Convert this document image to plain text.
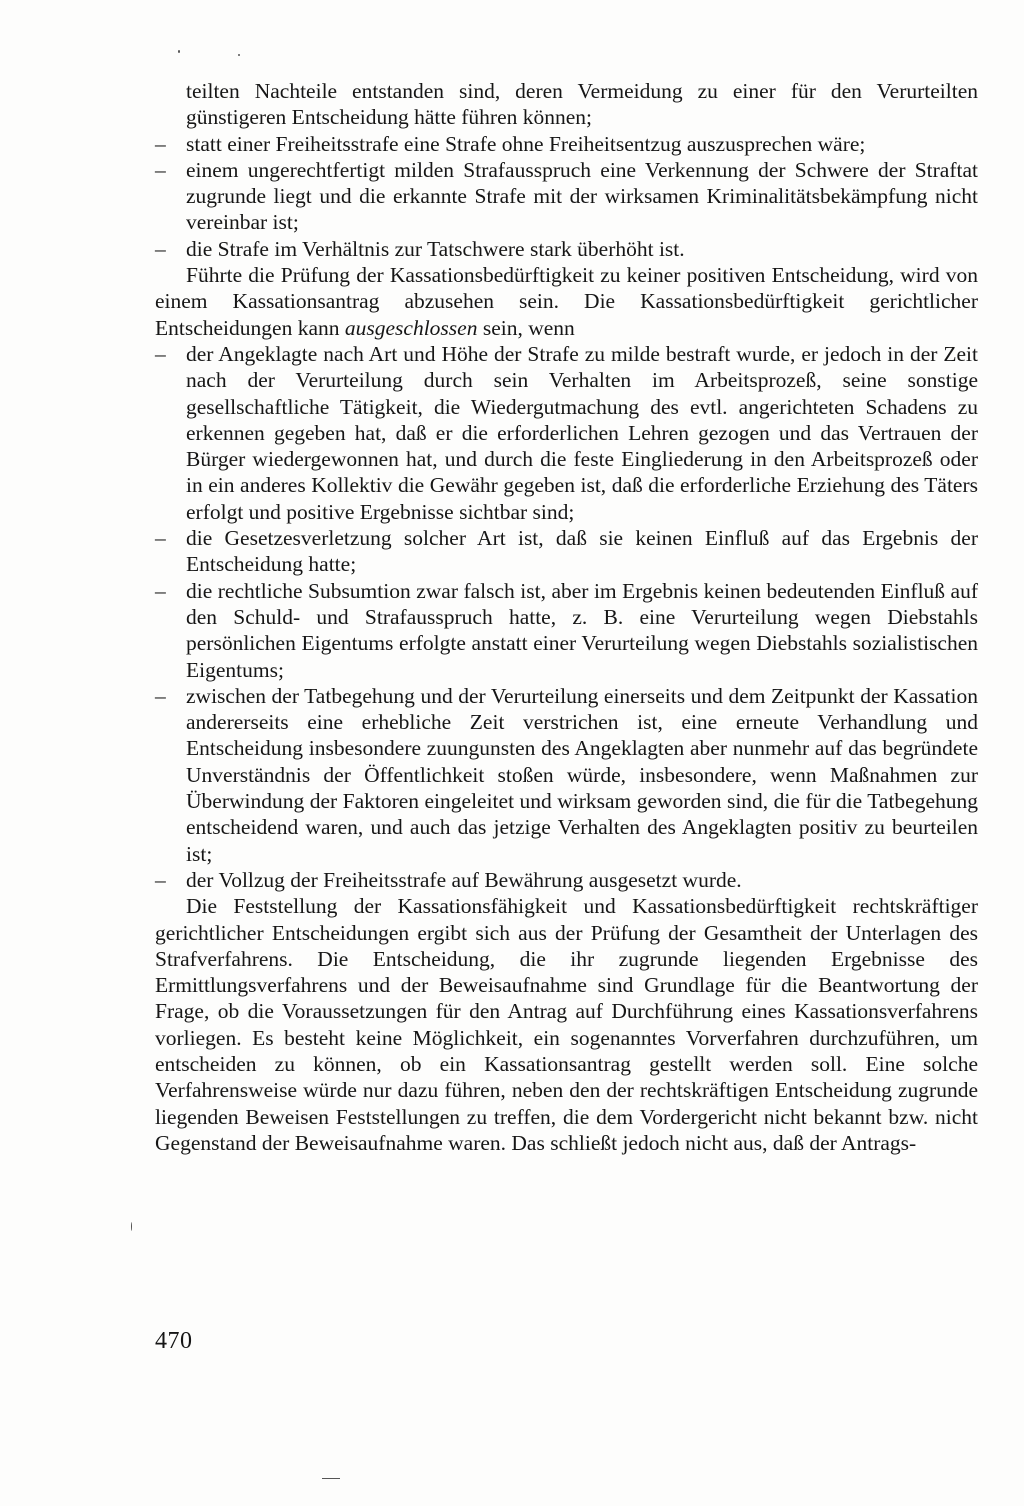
teilten Nachteile entstanden sind, deren Vermeidung zu einer für den Verurteilten günstigeren Entscheidung hätte führen können;

– statt einer Freiheitsstrafe eine Strafe ohne Freiheitsentzug auszusprechen wäre;

– einem ungerechtfertigt milden Strafausspruch eine Verkennung der Schwere der Straftat zugrunde liegt und die erkannte Strafe mit der wirksamen Kriminalitätsbekämpfung nicht vereinbar ist;

– die Strafe im Verhältnis zur Tatschwere stark überhöht ist.

Führte die Prüfung der Kassationsbedürftigkeit zu keiner positiven Entscheidung, wird von einem Kassationsantrag abzusehen sein. Die Kassationsbedürftigkeit gerichtlicher Entscheidungen kann ausgeschlossen sein, wenn

– der Angeklagte nach Art und Höhe der Strafe zu milde bestraft wurde, er jedoch in der Zeit nach der Verurteilung durch sein Verhalten im Arbeitsprozeß, seine sonstige gesellschaftliche Tätigkeit, die Wiedergutmachung des evtl. angerichteten Schadens zu erkennen gegeben hat, daß er die erforderlichen Lehren gezogen und das Vertrauen der Bürger wiedergewonnen hat, und durch die feste Eingliederung in den Arbeitsprozeß oder in ein anderes Kollektiv die Gewähr gegeben ist, daß die erforderliche Erziehung des Täters erfolgt und positive Ergebnisse sichtbar sind;

– die Gesetzesverletzung solcher Art ist, daß sie keinen Einfluß auf das Ergebnis der Entscheidung hatte;

– die rechtliche Subsumtion zwar falsch ist, aber im Ergebnis keinen bedeutenden Einfluß auf den Schuld- und Strafausspruch hatte, z. B. eine Verurteilung wegen Diebstahls persönlichen Eigentums erfolgte anstatt einer Verurteilung wegen Diebstahls sozialistischen Eigentums;

– zwischen der Tatbegehung und der Verurteilung einerseits und dem Zeitpunkt der Kassation andererseits eine erhebliche Zeit verstrichen ist, eine erneute Verhandlung und Entscheidung insbesondere zuungunsten des Angeklagten aber nunmehr auf das begründete Unverständnis der Öffentlichkeit stoßen würde, insbesondere, wenn Maßnahmen zur Überwindung der Faktoren eingeleitet und wirksam geworden sind, die für die Tatbegehung entscheidend waren, und auch das jetzige Verhalten des Angeklagten positiv zu beurteilen ist;

– der Vollzug der Freiheitsstrafe auf Bewährung ausgesetzt wurde.

Die Feststellung der Kassationsfähigkeit und Kassationsbedürftigkeit rechtskräftiger gerichtlicher Entscheidungen ergibt sich aus der Prüfung der Gesamtheit der Unterlagen des Strafverfahrens. Die Entscheidung, die ihr zugrunde liegenden Ergebnisse des Ermittlungsverfahrens und der Beweisaufnahme sind Grundlage für die Beantwortung der Frage, ob die Voraussetzungen für den Antrag auf Durchführung eines Kassationsverfahrens vorliegen. Es besteht keine Möglichkeit, ein sogenanntes Vorverfahren durchzuführen, um entscheiden zu können, ob ein Kassationsantrag gestellt werden soll. Eine solche Verfahrensweise würde nur dazu führen, neben den der rechtskräftigen Entscheidung zugrunde liegenden Beweisen Feststellungen zu treffen, die dem Vordergericht nicht bekannt bzw. nicht Gegenstand der Beweisaufnahme waren. Das schließt jedoch nicht aus, daß der Antrags-

470
